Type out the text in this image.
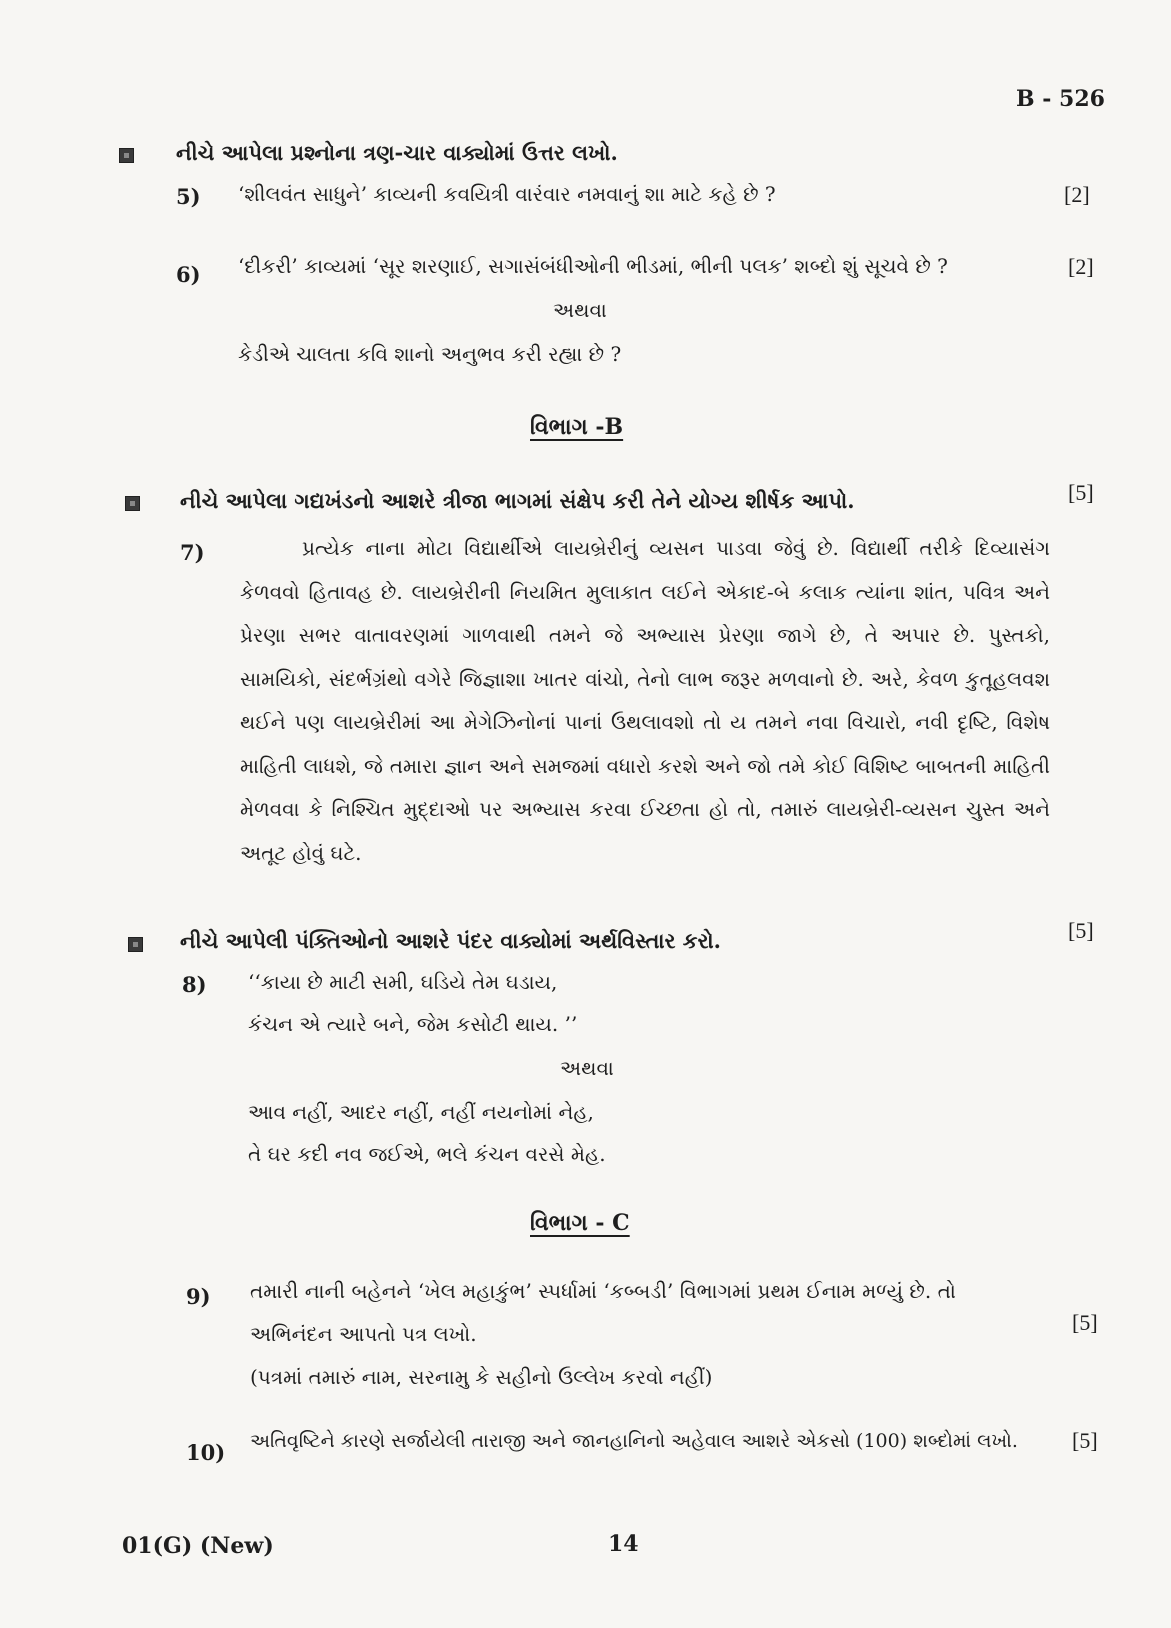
B - 526
નીચે આપેલા પ્રશ્નોના ત્રણ-ચાર વાક્યોમાં ઉત્તર લખો.
5) ‘શીલવંત સાધુને’ કાવ્યની કવયિત્રી વારંવાર નમવાનું શા માટે કહે છે ?	[2]
6) ‘દીકરી’ કાવ્યમાં ‘સૂર શરણાઈ, સગાસંબંધીઓની ભીડમાં, ભીની પલક’ શબ્દો શું સૂચવે છે ?	[2]
અથવા
કેડીએ ચાલતા કવિ શાનો અનુભવ કરી રહ્યા છે ?
વિભાગ -B
નીચે આપેલા ગદ્યખંડનો આશરે ત્રીજા ભાગમાં સંક્ષેપ કરી તેને યોગ્ય શીર્ષક આપો.	[5]
7)	પ્રત્યેક નાના મોટા વિદ્યાર્થીએ લાયબ્રેરીનું વ્યસન પાડવા જેવું છે. વિદ્યાર્થી તરીકે દિવ્યાસંગ કેળવવો હિતાવહ છે. લાયબ્રેરીની નિયમિત મુલાકાત લઈને એકાદ-બે કલાક ત્યાંના શાંત, પવિત્ર અને પ્રેરણા સભર વાતાવરણમાં ગાળવાથી તમને જે અભ્યાસ પ્રેરણા જાગે છે, તે અપાર છે. પુસ્તકો, સામયિકો, સંદર્ભગ્રંથો વગેરે જિજ્ઞાશા ખાતર વાંચો, તેનો લાભ જરૂર મળવાનો છે. અરે, કેવળ કુતૂહલવશ થઈને પણ લાયબ્રેરીમાં આ મેગેઝિનોનાં પાનાં ઉથલાવશો તો ય તમને નવા વિચારો, નવી દૃષ્ટિ, વિશેષ માહિતી લાધશે, જે તમારા જ્ઞાન અને સમજમાં વધારો કરશે અને જો તમે કોઈ વિશિષ્ટ બાબતની માહિતી મેળવવા કે નિશ્ચિત મુદ્દાઓ પર અભ્યાસ કરવા ઈચ્છતા હો તો, તમારું લાયબ્રેરી-વ્યસન ચુસ્ત અને અતૂટ હોવું ઘટે.
નીચે આપેલી પંક્તિઓનો આશરે પંદર વાક્યોમાં અર્થવિસ્તાર કરો.	[5]
8) ‘‘કાયા છે માટી સમી, ઘડિયે તેમ ઘડાય,
કંચન એ ત્યારે બને, જેમ કસોટી થાય. ’’
અથવા
આવ નહીં, આદર નહીં, નહીં નયનોમાં નેહ,
તે ઘર કદી નવ જઈએ, ભલે કંચન વરસે મેહ.
વિભાગ - C
9) તમારી નાની બહેનને ‘ખેલ મહાકુંભ’ સ્પર્ધામાં ‘કબ્બડી’ વિભાગમાં પ્રથમ ઈનામ મળ્યું છે. તો
અભિનંદન આપતો પત્ર લખો.	[5]
(પત્રમાં તમારું નામ, સરનામુ કે સહીનો ઉલ્લેખ કરવો નહીં)
10) અતિવૃષ્ટિને કારણે સર્જાયેલી તારાજી અને જાનહાનિનો અહેવાલ આશરે એકસો (100) શબ્દોમાં લખો. [5]
01(G) (New)	14
